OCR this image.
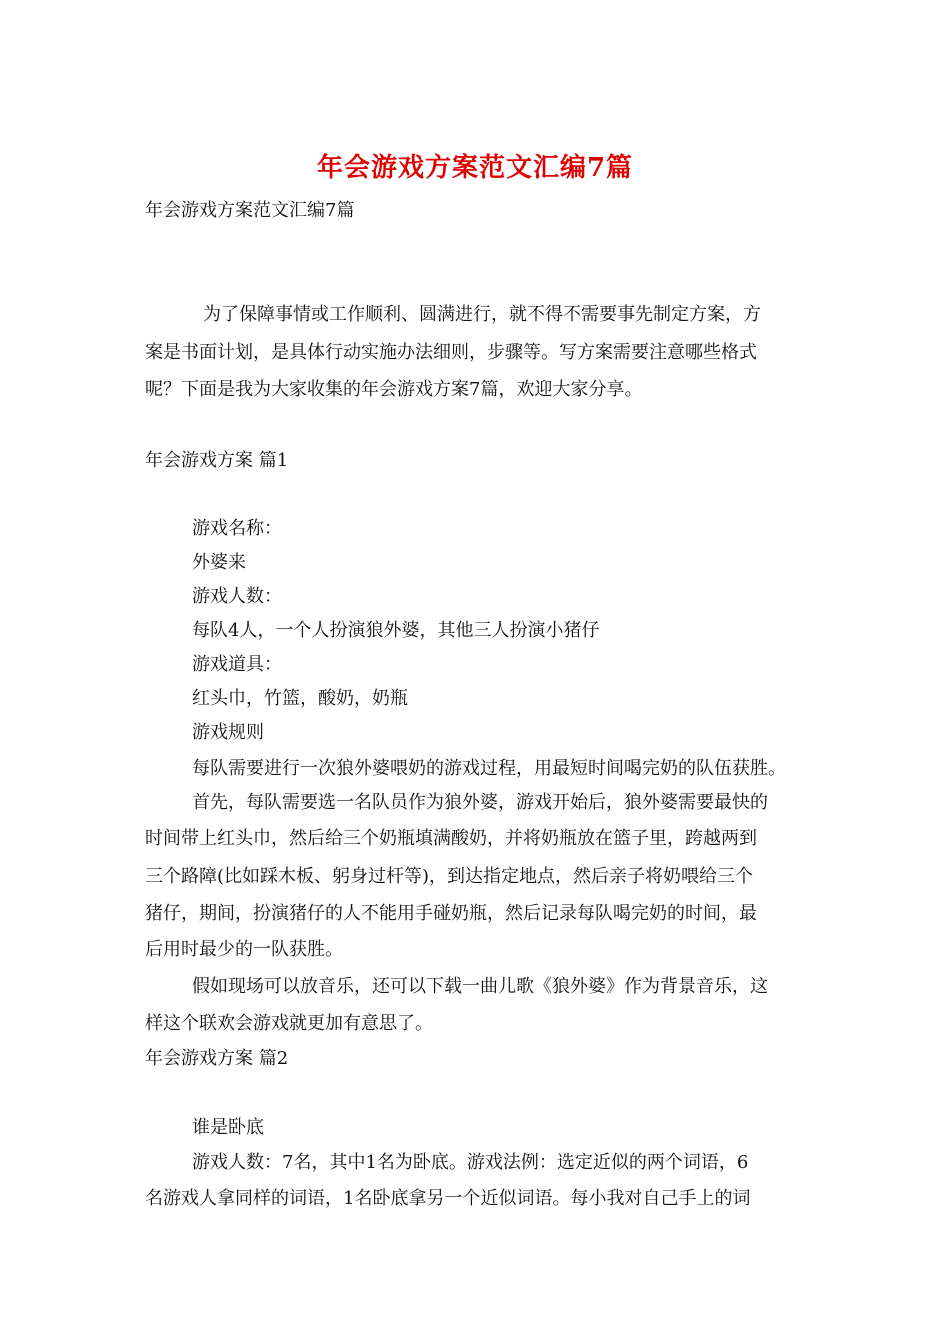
年会游戏方案范文汇编7篇
年会游戏方案范文汇编7篇
为了保障事情或工作顺利、圆满进行，就不得不需要事先制定方案，方
案是书面计划，是具体行动实施办法细则，步骤等。写方案需要注意哪些格式
呢？下面是我为大家收集的年会游戏方案7篇，欢迎大家分享。
年会游戏方案 篇1
游戏名称：
外婆来
游戏人数：
每队4人，一个人扮演狼外婆，其他三人扮演小猪仔
游戏道具：
红头巾，竹篮，酸奶，奶瓶
游戏规则
每队需要进行一次狼外婆喂奶的游戏过程，用最短时间喝完奶的队伍获胜。
首先，每队需要选一名队员作为狼外婆，游戏开始后，狼外婆需要最快的
时间带上红头巾，然后给三个奶瓶填满酸奶，并将奶瓶放在篮子里，跨越两到
三个路障(比如踩木板、躬身过杆等)，到达指定地点，然后亲子将奶喂给三个
猪仔，期间，扮演猪仔的人不能用手碰奶瓶，然后记录每队喝完奶的时间，最
后用时最少的一队获胜。
假如现场可以放音乐，还可以下载一曲儿歌《狼外婆》作为背景音乐，这
样这个联欢会游戏就更加有意思了。
年会游戏方案 篇2
谁是卧底
游戏人数：7名，其中1名为卧底。游戏法例：选定近似的两个词语，6
名游戏人拿同样的词语，1名卧底拿另一个近似词语。每小我对自己手上的词
